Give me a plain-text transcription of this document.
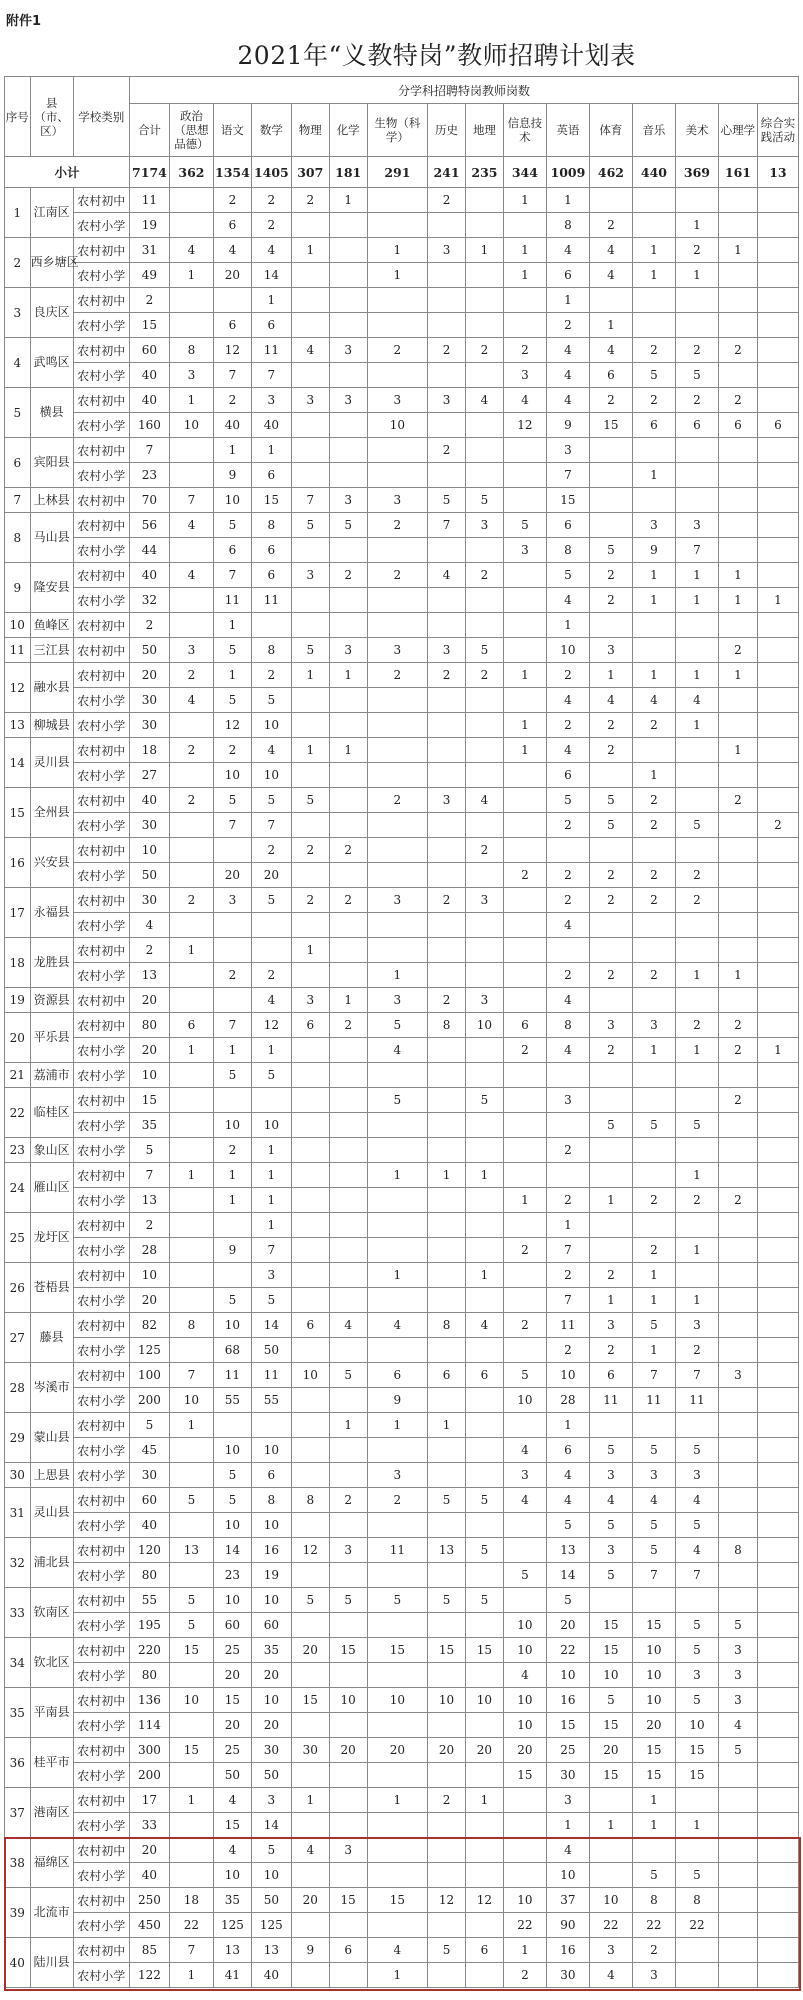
附件1
2021年“义教特岗”教师招聘计划表
序号	县（市、区）	学校类别	分学科招聘特岗教师岗数															
			合计	政治（思想品德）	语文	数学	物理	化学	生物（科学）	历史	地理	信息技术	英语	体育	音乐	美术	心理学	综合实践活动
小计			7174	362	1354	1405	307	181	291	241	235	344	1009	462	440	369	161	13
1	江南区	农村初中	11		2	2	2	1		2		1	1					
		农村小学	19		6	2							8	2		1		
2	西乡塘区	农村初中	31	4	4	4	1		1	3	1	1	4	4	1	2	1	
		农村小学	49	1	20	14			1			1	6	4	1	1		
3	良庆区	农村初中	2			1							1					
		农村小学	15		6	6							2	1				
4	武鸣区	农村初中	60	8	12	11	4	3	2	2	2	2	4	4	2	2	2	
		农村小学	40	3	7	7						3	4	6	5	5		
5	横县	农村初中	40	1	2	3	3	3	3	3	4	4	4	2	2	2	2	
		农村小学	160	10	40	40			10			12	9	15	6	6	6	6
6	宾阳县	农村初中	7		1	1				2			3					
		农村小学	23		9	6							7		1			
7	上林县	农村初中	70	7	10	15	7	3	3	5	5		15					
8	马山县	农村初中	56	4	5	8	5	5	2	7	3	5	6		3	3		
		农村小学	44		6	6						3	8	5	9	7		
9	隆安县	农村初中	40	4	7	6	3	2	2	4	2		5	2	1	1	1	
		农村小学	32		11	11							4	2	1	1	1	1
10	鱼峰区	农村初中	2		1								1					
11	三江县	农村初中	50	3	5	8	5	3	3	3	5		10	3			2	
12	融水县	农村初中	20	2	1	2	1	1	2	2	2	1	2	1	1	1	1	
		农村小学	30	4	5	5							4	4	4	4		
13	柳城县	农村小学	30		12	10						1	2	2	2	1		
14	灵川县	农村初中	18	2	2	4	1	1				1	4	2			1	
		农村小学	27		10	10							6		1			
15	全州县	农村初中	40	2	5	5	5		2	3	4		5	5	2		2	
		农村小学	30		7	7							2	5	2	5		2
16	兴安县	农村初中	10			2	2	2			2							
		农村小学	50		20	20						2	2	2	2	2		
17	永福县	农村初中	30	2	3	5	2	2	3	2	3		2	2	2	2		
		农村小学	4										4					
18	龙胜县	农村初中	2	1			1											
		农村小学	13		2	2			1				2	2	2	1	1	
19	资源县	农村初中	20			4	3	1	3	2	3		4					
20	平乐县	农村初中	80	6	7	12	6	2	5	8	10	6	8	3	3	2	2	
		农村小学	20	1	1	1			4			2	4	2	1	1	2	1
21	荔浦市	农村小学	10		5	5												
22	临桂区	农村初中	15						5		5		3				2	
		农村小学	35		10	10								5	5	5		
23	象山区	农村小学	5		2	1							2					
24	雁山区	农村初中	7	1	1	1			1	1	1					1		
		农村小学	13		1	1						1	2	1	2	2	2	
25	龙圩区	农村初中	2			1							1					
		农村小学	28		9	7						2	7		2	1		
26	苍梧县	农村初中	10			3			1		1		2	2	1			
		农村小学	20		5	5							7	1	1	1		
27	藤县	农村初中	82	8	10	14	6	4	4	8	4	2	11	3	5	3		
		农村小学	125		68	50							2	2	1	2		
28	岑溪市	农村初中	100	7	11	11	10	5	6	6	6	5	10	6	7	7	3	
		农村小学	200	10	55	55			9			10	28	11	11	11		
29	蒙山县	农村初中	5	1				1	1	1			1					
		农村小学	45		10	10						4	6	5	5	5		
30	上思县	农村小学	30		5	6			3			3	4	3	3	3		
31	灵山县	农村初中	60	5	5	8	8	2	2	5	5	4	4	4	4	4		
		农村小学	40		10	10							5	5	5	5		
32	浦北县	农村初中	120	13	14	16	12	3	11	13	5		13	3	5	4	8	
		农村小学	80		23	19						5	14	5	7	7		
33	钦南区	农村初中	55	5	10	10	5	5	5	5	5		5					
		农村小学	195	5	60	60						10	20	15	15	5	5	
34	钦北区	农村初中	220	15	25	35	20	15	15	15	15	10	22	15	10	5	3	
		农村小学	80		20	20						4	10	10	10	3	3	
35	平南县	农村初中	136	10	15	10	15	10	10	10	10	10	16	5	10	5	3	
		农村小学	114		20	20						10	15	15	20	10	4	
36	桂平市	农村初中	300	15	25	30	30	20	20	20	20	20	25	20	15	15	5	
		农村小学	200		50	50						15	30	15	15	15		
37	港南区	农村初中	17	1	4	3	1		1	2	1		3		1			
		农村小学	33		15	14							1	1	1	1		
38	福绵区	农村初中	20		4	5	4	3					4					
		农村小学	40		10	10							10		5	5		
39	北流市	农村初中	250	18	35	50	20	15	15	12	12	10	37	10	8	8		
		农村小学	450	22	125	125						22	90	22	22	22		
40	陆川县	农村初中	85	7	13	13	9	6	4	5	6	1	16	3	2			
		农村小学	122	1	41	40			1			2	30	4	3			
